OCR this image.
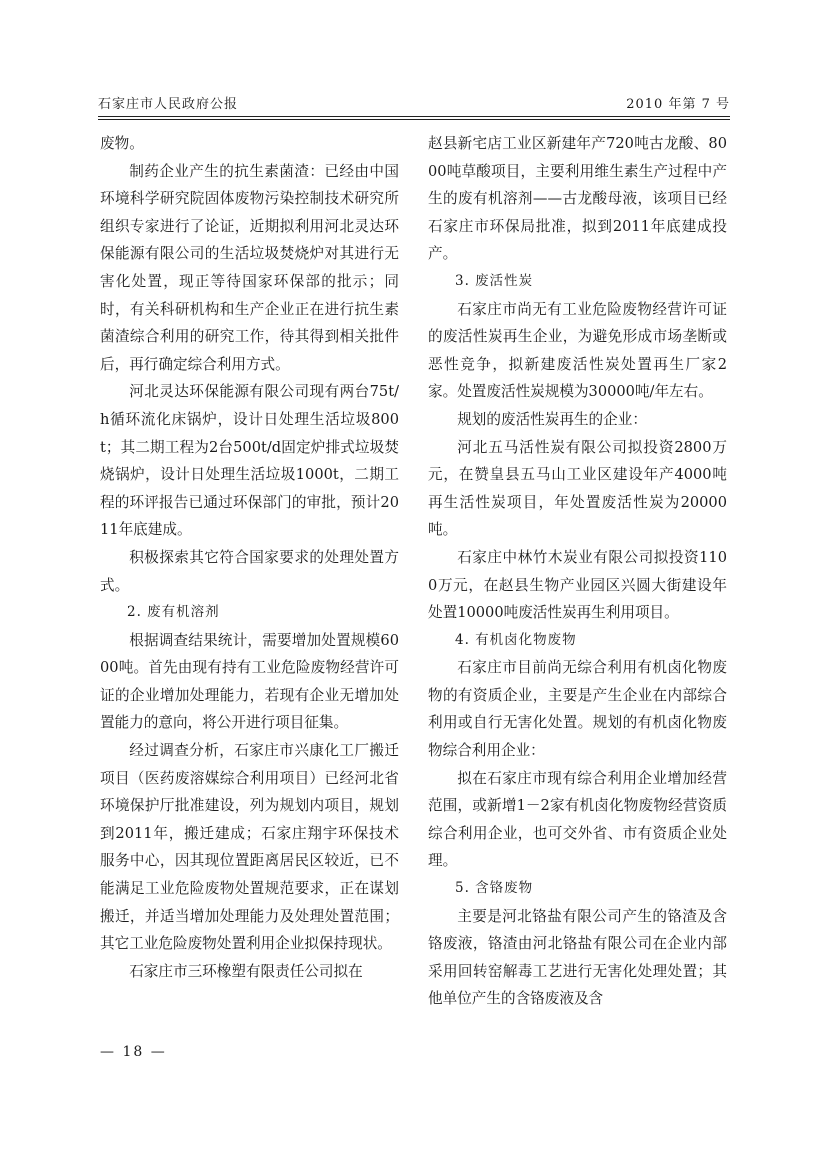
石家庄市人民政府公报	2010 年第 7 号

废物。

制药企业产生的抗生素菌渣：已经由中国环境科学研究院固体废物污染控制技术研究所组织专家进行了论证，近期拟利用河北灵达环保能源有限公司的生活垃圾焚烧炉对其进行无害化处置，现正等待国家环保部的批示；同时，有关科研机构和生产企业正在进行抗生素菌渣综合利用的研究工作，待其得到相关批件后，再行确定综合利用方式。

河北灵达环保能源有限公司现有两台75t/h循环流化床锅炉，设计日处理生活垃圾800t；其二期工程为2台500t/d固定炉排式垃圾焚烧锅炉，设计日处理生活垃圾1000t，二期工程的环评报告已通过环保部门的审批，预计2011年底建成。

积极探索其它符合国家要求的处理处置方式。

2. 废有机溶剂

根据调查结果统计，需要增加处置规模6000吨。首先由现有持有工业危险废物经营许可证的企业增加处理能力，若现有企业无增加处置能力的意向，将公开进行项目征集。

经过调查分析，石家庄市兴康化工厂搬迁项目（医药废溶媒综合利用项目）已经河北省环境保护厅批准建设，列为规划内项目，规划到2011年，搬迁建成；石家庄翔宇环保技术服务中心，因其现位置距离居民区较近，已不能满足工业危险废物处置规范要求，正在谋划搬迁，并适当增加处理能力及处理处置范围；其它工业危险废物处置利用企业拟保持现状。

石家庄市三环橡塑有限责任公司拟在

赵县新宅店工业区新建年产720吨古龙酸、8000吨草酸项目，主要利用维生素生产过程中产生的废有机溶剂——古龙酸母液，该项目已经石家庄市环保局批准，拟到2011年底建成投产。

3. 废活性炭

石家庄市尚无有工业危险废物经营许可证的废活性炭再生企业，为避免形成市场垄断或恶性竞争，拟新建废活性炭处置再生厂家2家。处置废活性炭规模为30000吨/年左右。

规划的废活性炭再生的企业：

河北五马活性炭有限公司拟投资2800万元，在赞皇县五马山工业区建设年产4000吨再生活性炭项目，年处置废活性炭为20000吨。

石家庄中林竹木炭业有限公司拟投资1100万元，在赵县生物产业园区兴圆大街建设年处置10000吨废活性炭再生利用项目。

4. 有机卤化物废物

石家庄市目前尚无综合利用有机卤化物废物的有资质企业，主要是产生企业在内部综合利用或自行无害化处置。规划的有机卤化物废物综合利用企业：

拟在石家庄市现有综合利用企业增加经营范围，或新增1－2家有机卤化物废物经营资质综合利用企业，也可交外省、市有资质企业处理。

5. 含铬废物

主要是河北铬盐有限公司产生的铬渣及含铬废液，铬渣由河北铬盐有限公司在企业内部采用回转窑解毒工艺进行无害化处理处置；其他单位产生的含铬废液及含

— 18 —
